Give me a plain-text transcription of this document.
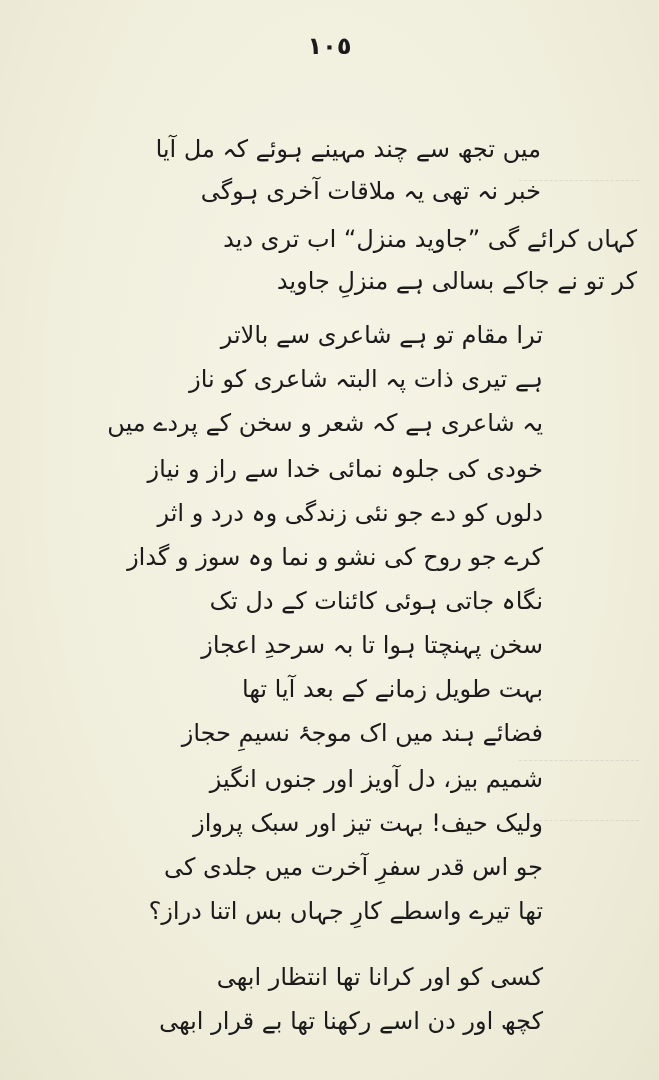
١٠٥
میں تجھ سے چند مہینے ہوئے کہ مل آیا
خبر نہ تھی یہ ملاقات آخری ہوگی
کہاں کرائے گی ”جاوید منزل“ اب تری دید
کر تو نے جاکے بسالی ہے منزلِ جاوید
ترا مقام تو ہے شاعری سے بالاتر
ہے تیری ذات پہ البتہ شاعری کو ناز
یہ شاعری ہے کہ شعر و سخن کے پردے میں
خودی کی جلوہ نمائی خدا سے راز و نیاز
دلوں کو دے جو نئی زندگی وہ درد و اثر
کرے جو روح کی نشو و نما وہ سوز و گداز
نگاہ جاتی ہوئی کائنات کے دل تک
سخن پہنچتا ہوا تا بہ سرحدِ اعجاز
بہت طویل زمانے کے بعد آیا تھا
فضائے ہند میں اک موجۂ نسیمِ حجاز
شمیم بیز، دل آویز اور جنوں انگیز
ولیک حیف! بہت تیز اور سبک پرواز
جو اس قدر سفرِ آخرت میں جلدی کی
تھا تیرے واسطے کارِ جہاں بس اتنا دراز؟
کسی کو اور کرانا تھا انتظار ابھی
کچھ اور دن اسے رکھنا تھا بے قرار ابھی
